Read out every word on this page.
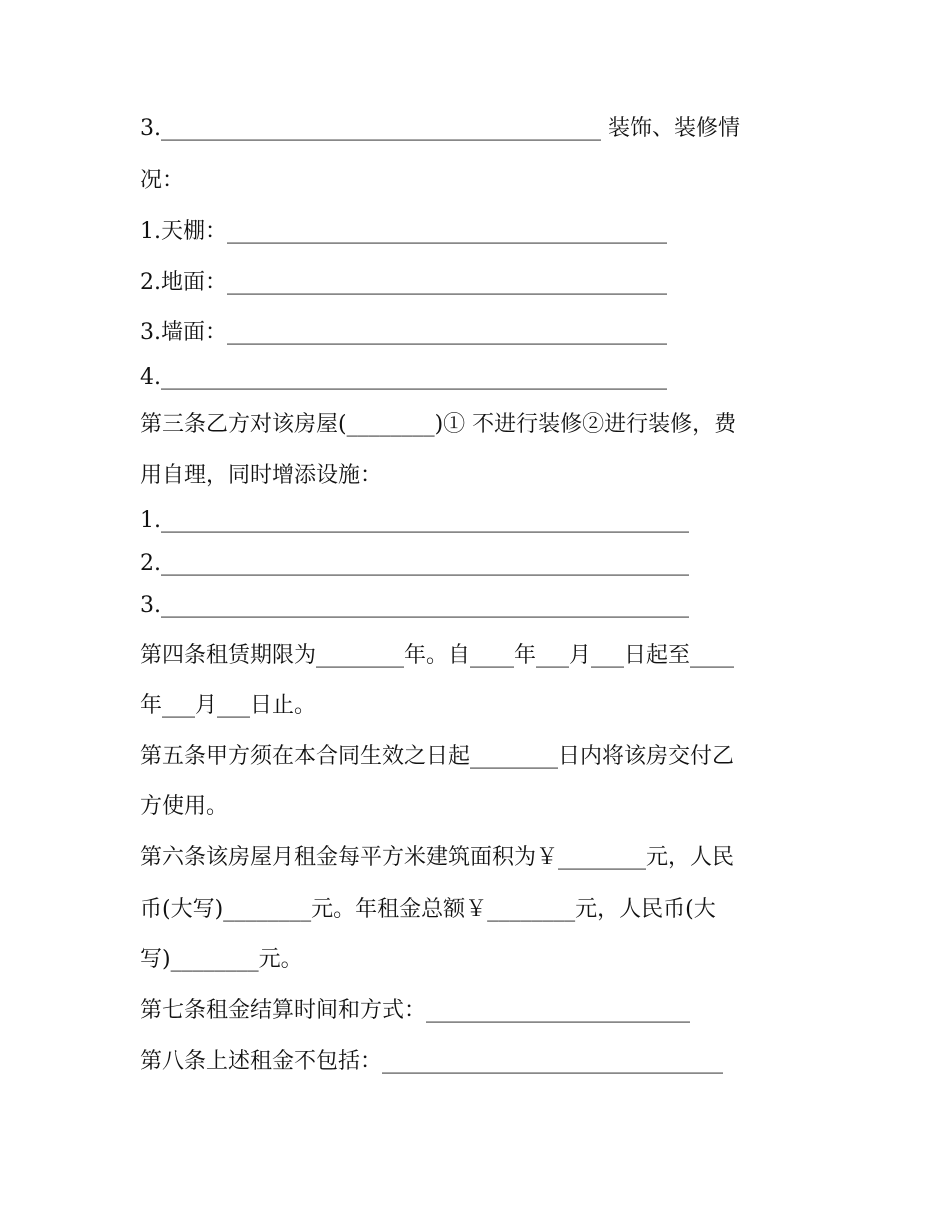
3.________________________________________ 装饰、装修情
况：
1.天棚：________________________________________
2.地面：________________________________________
3.墙面：________________________________________
4.______________________________________________
第三条乙方对该房屋(________)① 不进行装修②进行装修，费
用自理，同时增添设施：
1.________________________________________________
2.________________________________________________
3.________________________________________________
第四条租赁期限为________年。自____年___月___日起至____
年___月___日止。
第五条甲方须在本合同生效之日起________日内将该房交付乙
方使用。
第六条该房屋月租金每平方米建筑面积为￥________元，人民
币(大写)________元。年租金总额￥________元，人民币(大
写)________元。
第七条租金结算时间和方式：________________________
第八条上述租金不包括：_______________________________
